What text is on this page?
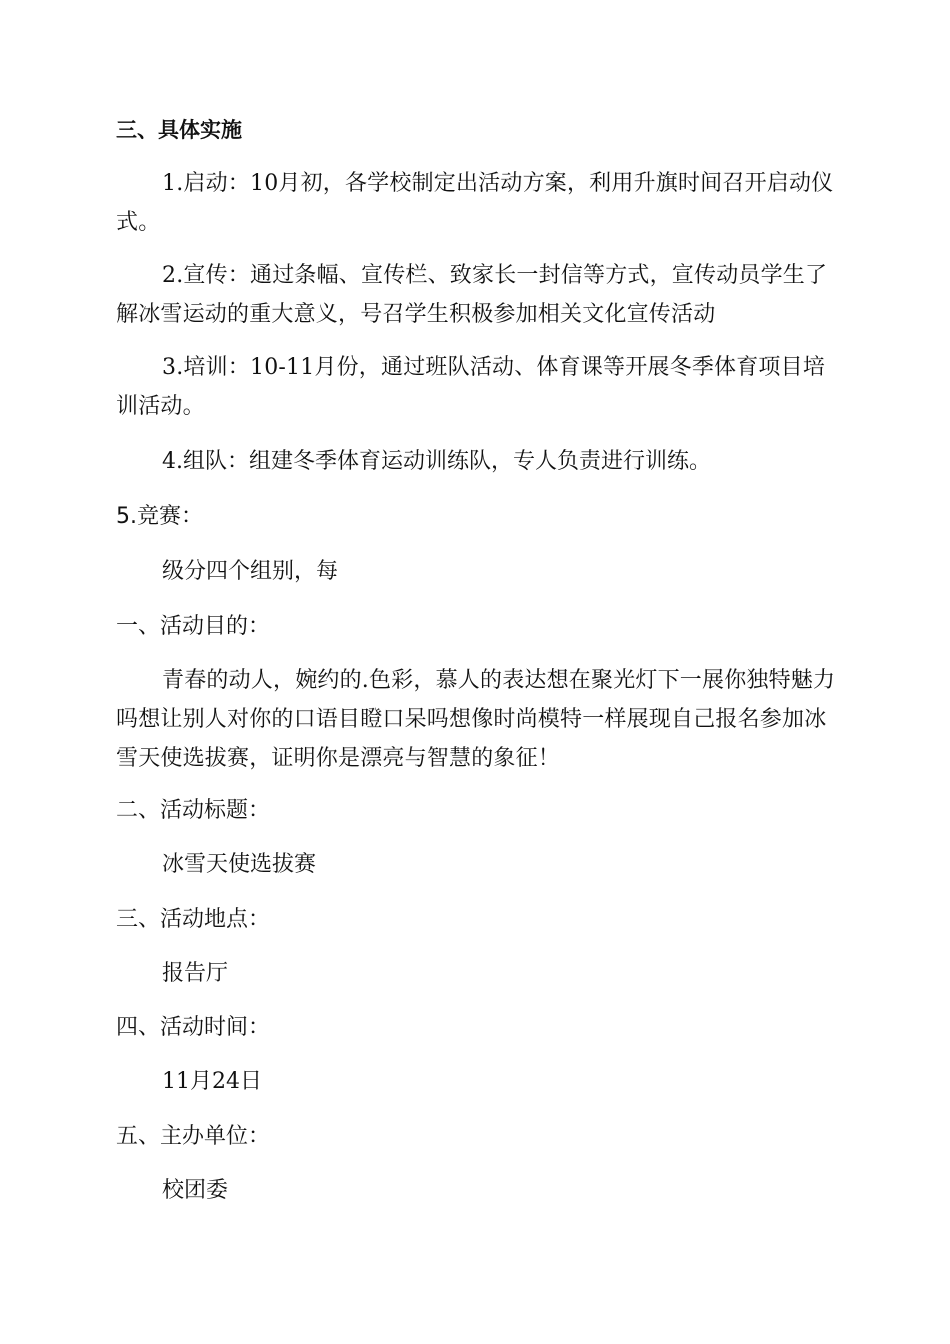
三、具体实施
1.启动：10月初，各学校制定出活动方案，利用升旗时间召开启动仪式。
2.宣传：通过条幅、宣传栏、致家长一封信等方式，宣传动员学生了解冰雪运动的重大意义，号召学生积极参加相关文化宣传活动
3.培训：10-11月份，通过班队活动、体育课等开展冬季体育项目培训活动。
4.组队：组建冬季体育运动训练队，专人负责进行训练。
5.竞赛：
级分四个组别，每
一、活动目的：
青春的动人，婉约的.色彩，慕人的表达想在聚光灯下一展你独特魅力吗想让别人对你的口语目瞪口呆吗想像时尚模特一样展现自己报名参加冰雪天使选拔赛，证明你是漂亮与智慧的象征！
二、活动标题：
冰雪天使选拔赛
三、活动地点：
报告厅
四、活动时间：
11月24日
五、主办单位：
校团委
